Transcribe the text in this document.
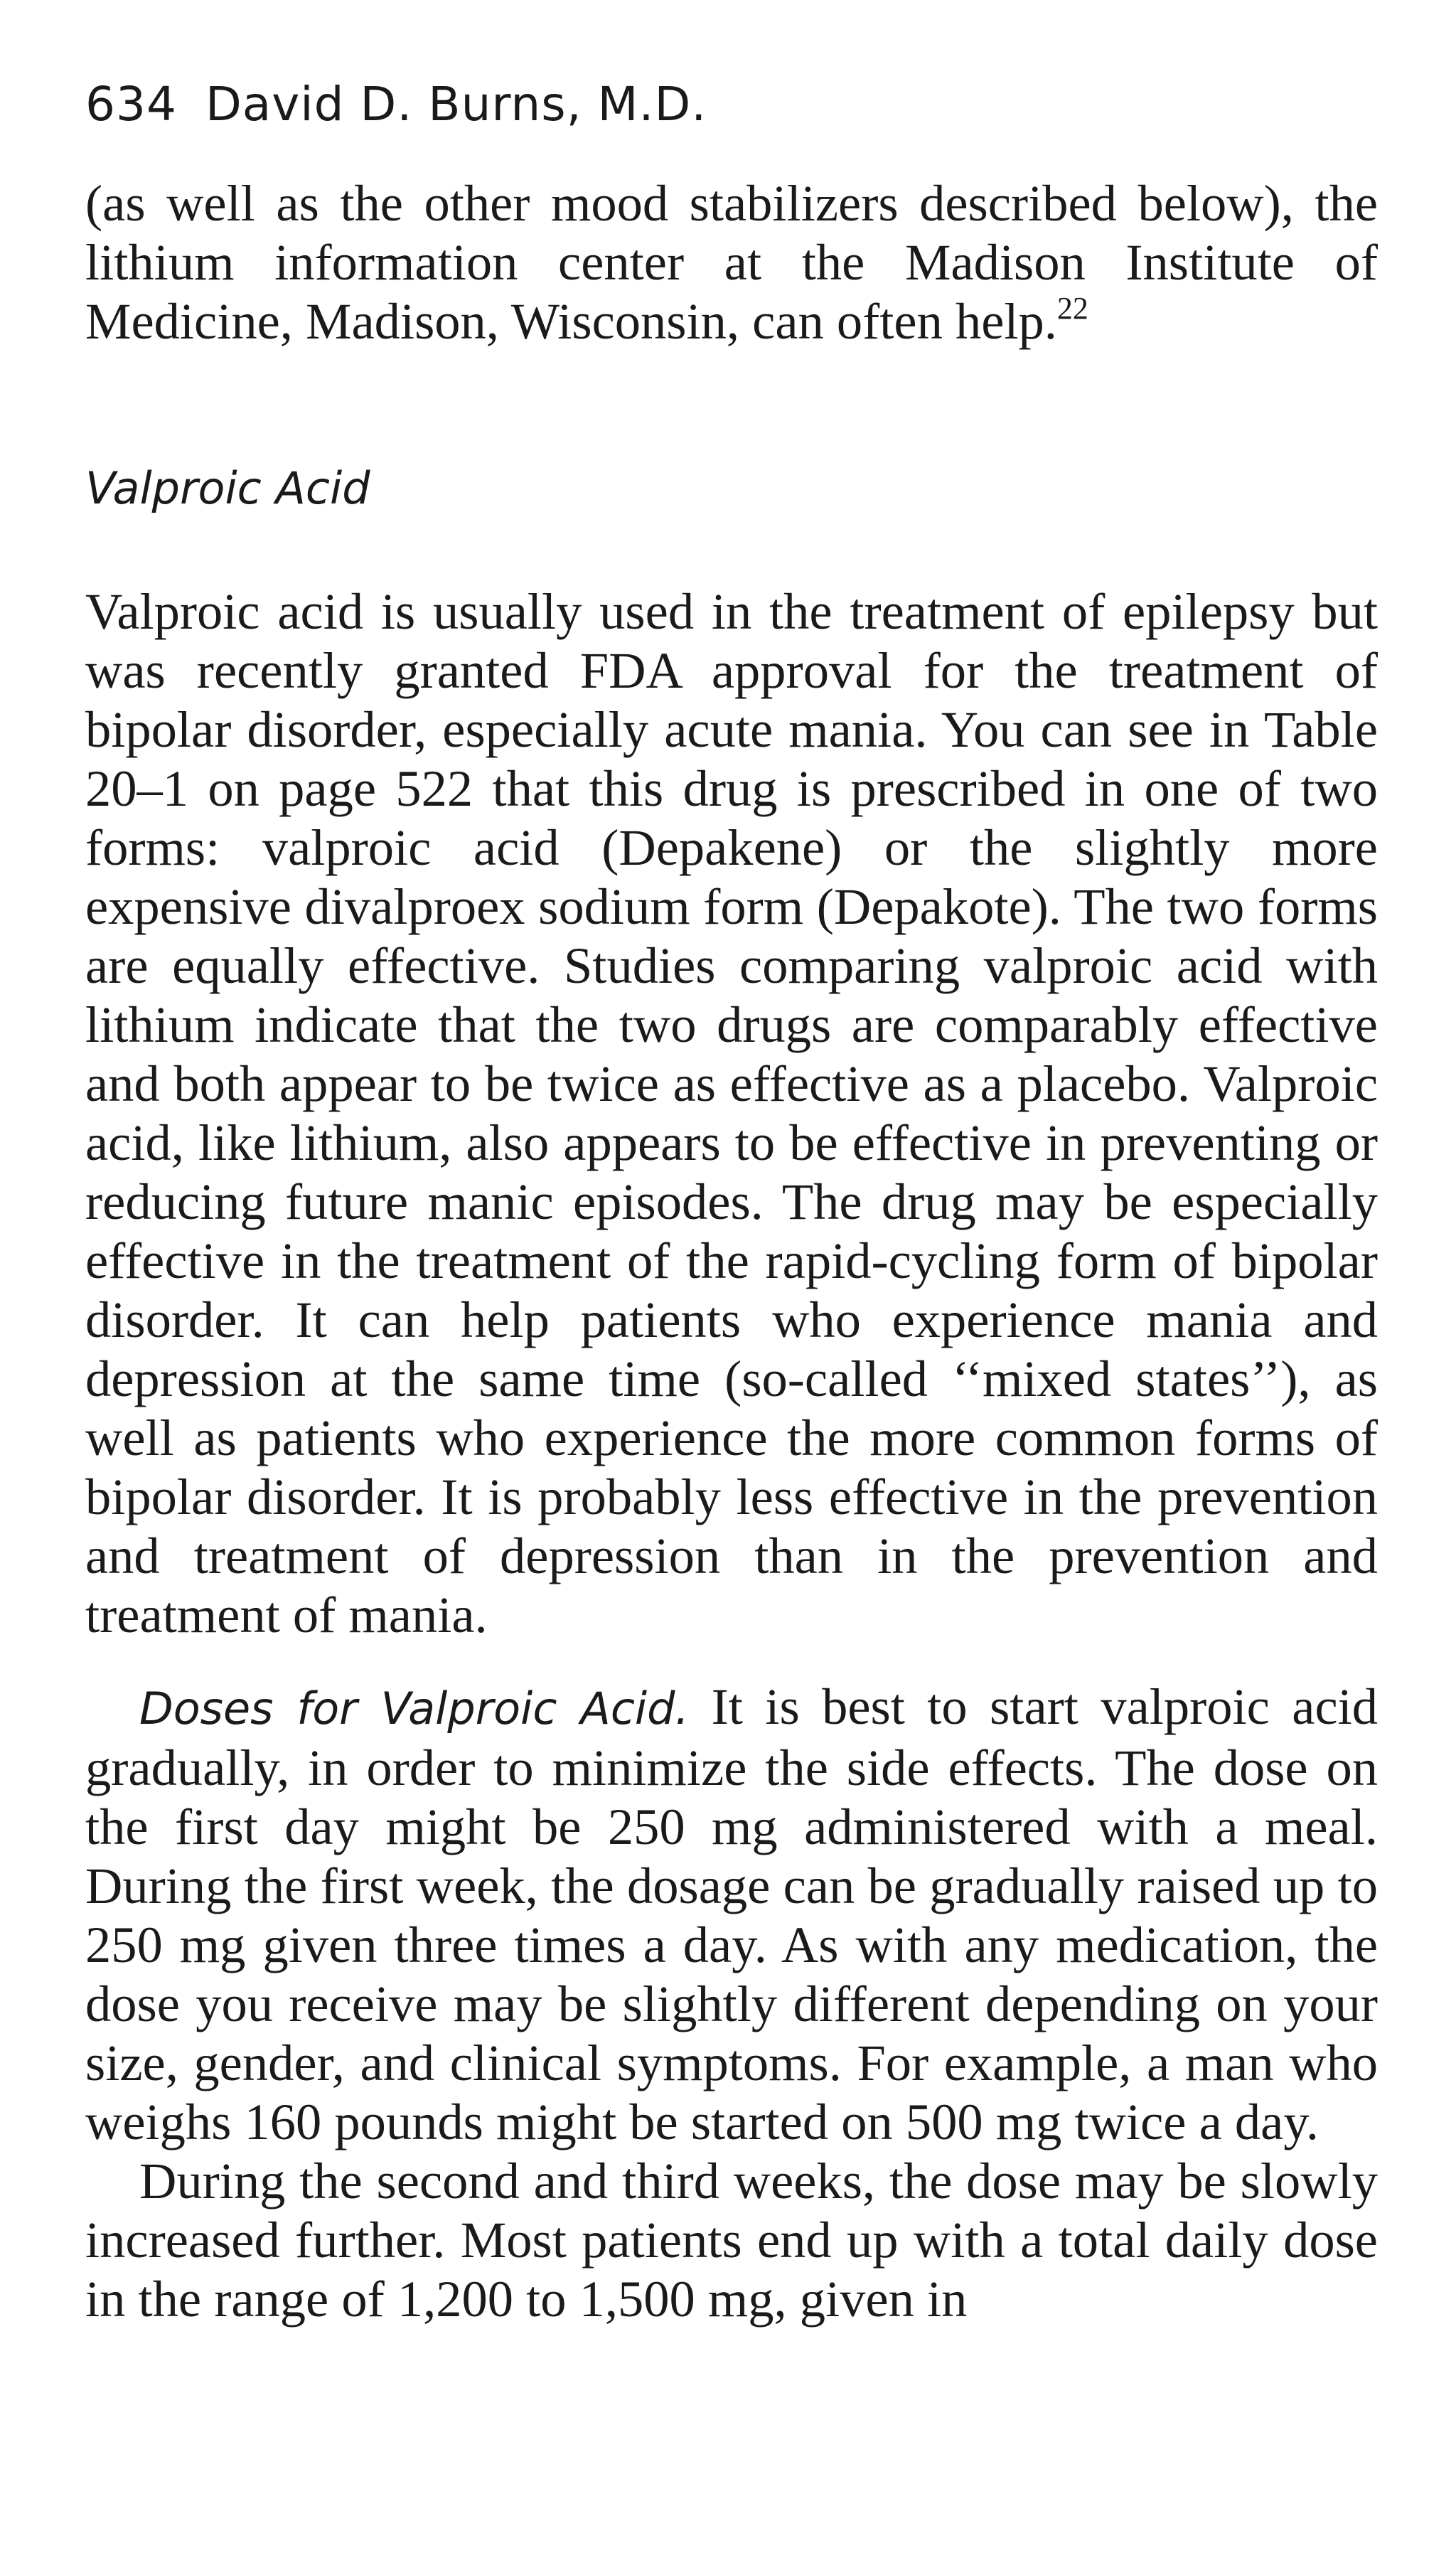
634 David D. Burns, M.D.

(as well as the other mood stabilizers described below), the lithium information center at the Madison Institute of Medicine, Madison, Wisconsin, can often help.$^{22}$

Valproic Acid

Valproic acid is usually used in the treatment of epilepsy but was recently granted FDA approval for the treatment of bipolar disorder, especially acute mania. You can see in Table 20–1 on page 522 that this drug is prescribed in one of two forms: valproic acid (Depakene) or the slightly more expensive divalproex sodium form (Depakote). The two forms are equally effective. Studies comparing valproic acid with lithium indicate that the two drugs are comparably effective and both appear to be twice as effective as a placebo. Valproic acid, like lithium, also appears to be effective in preventing or reducing future manic episodes. The drug may be especially effective in the treatment of the rapid-cycling form of bipolar disorder. It can help patients who experience mania and depression at the same time (so-called ‘‘mixed states’’), as well as patients who experience the more common forms of bipolar disorder. It is probably less effective in the prevention and treatment of depression than in the prevention and treatment of mania.

Doses for Valproic Acid. It is best to start valproic acid gradually, in order to minimize the side effects. The dose on the first day might be 250 mg administered with a meal. During the first week, the dosage can be gradually raised up to 250 mg given three times a day. As with any medication, the dose you receive may be slightly different depending on your size, gender, and clinical symptoms. For example, a man who weighs 160 pounds might be started on 500 mg twice a day.

During the second and third weeks, the dose may be slowly increased further. Most patients end up with a total daily dose in the range of 1,200 to 1,500 mg, given in
